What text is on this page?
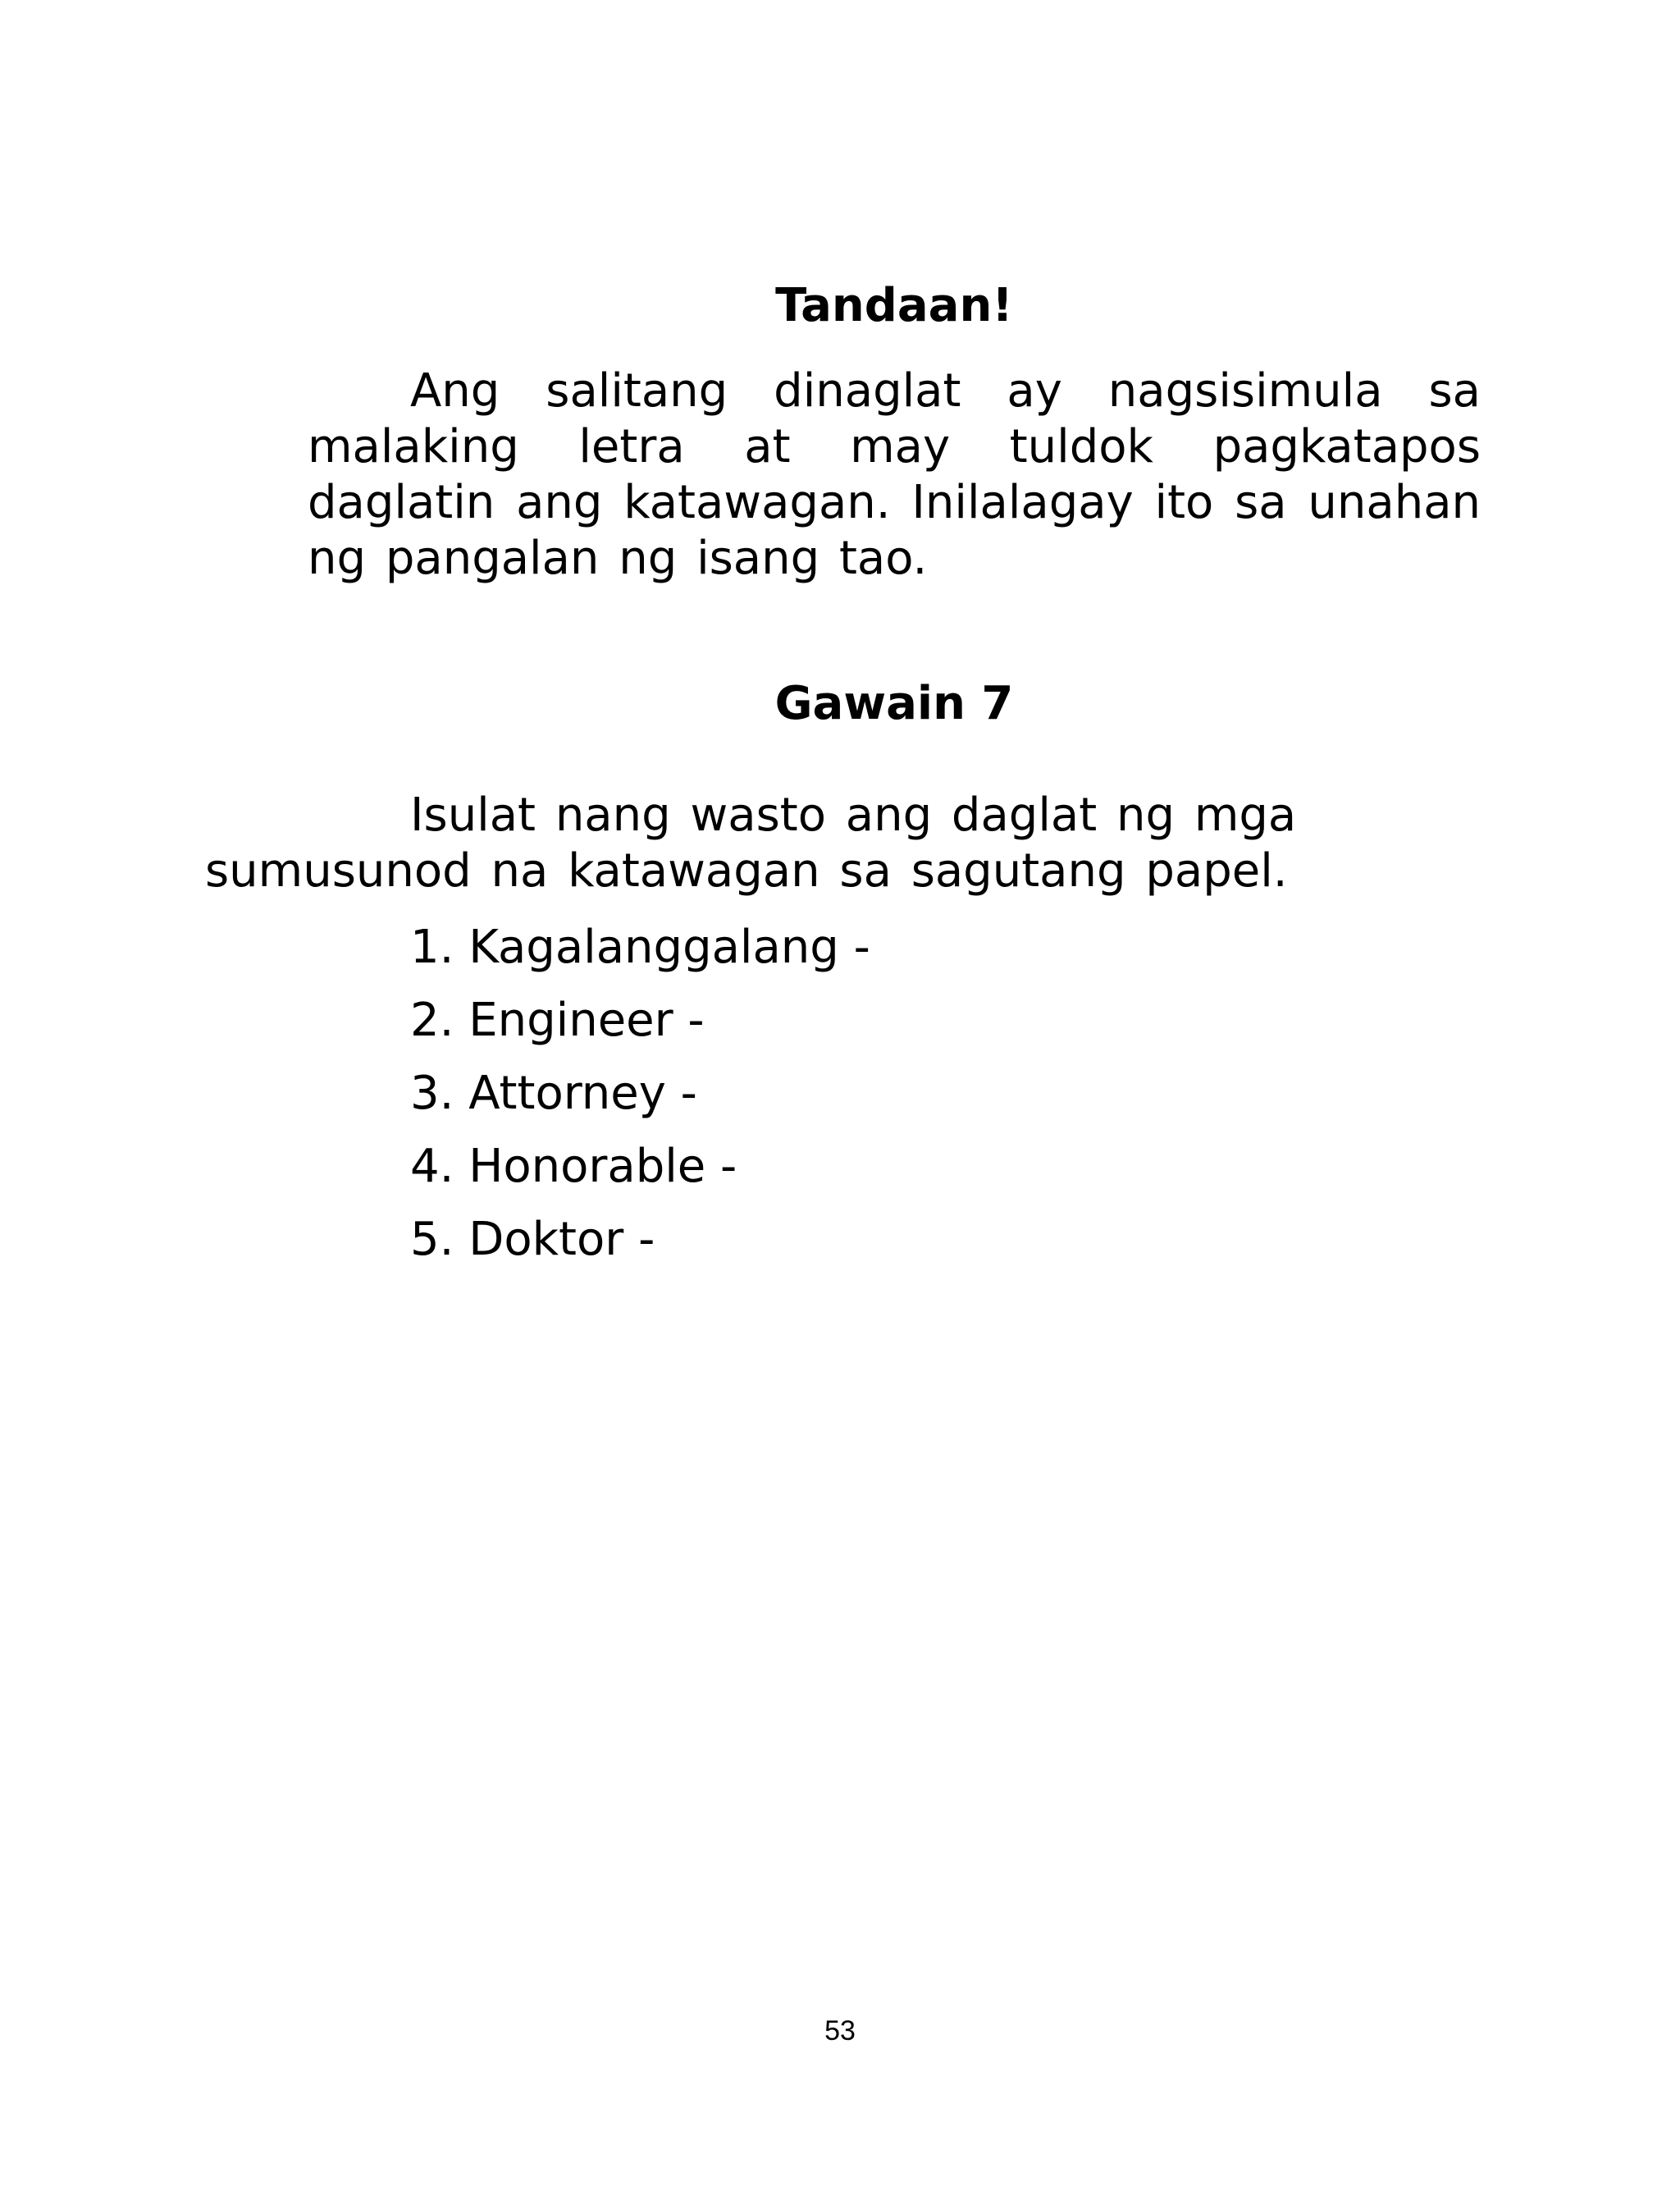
Tandaan!

Ang salitang dinaglat ay nagsisimula sa malaking letra at may tuldok pagkatapos daglatin ang katawagan. Inilalagay ito sa unahan ng pangalan ng isang tao.

Gawain 7

Isulat nang wasto ang daglat ng mga
sumusunod na katawagan sa sagutang papel.

1. Kagalanggalang -
2. Engineer -
3. Attorney -
4. Honorable -
5. Doktor -
53
